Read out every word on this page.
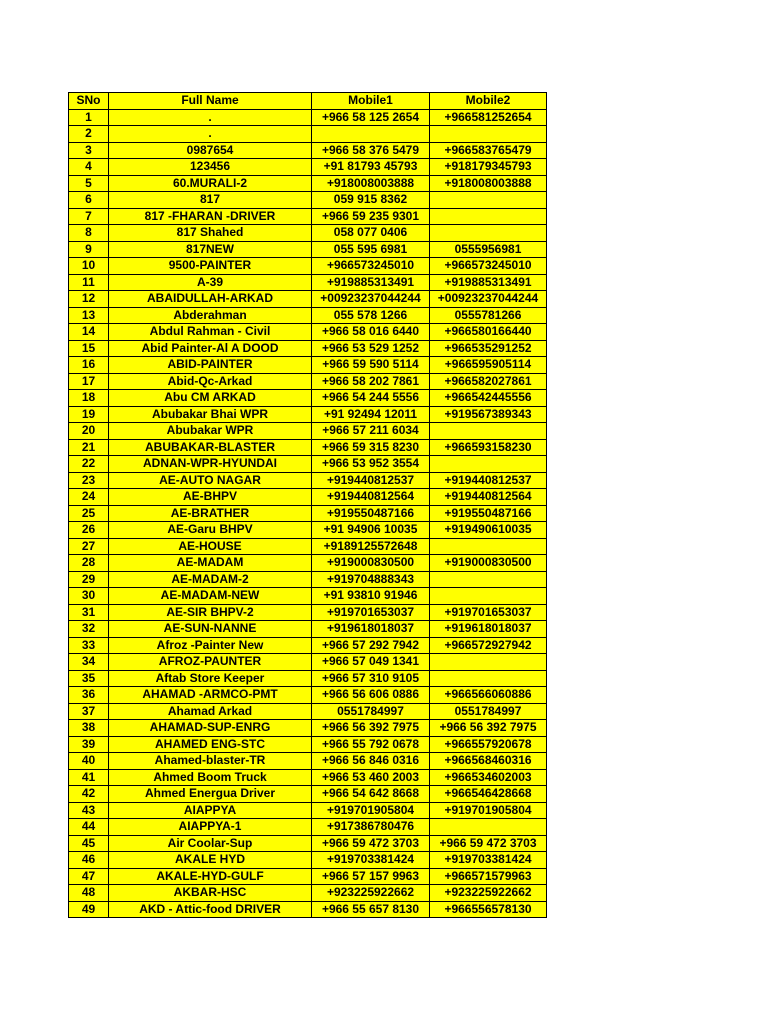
SNo	Full Name	Mobile1	Mobile2
1	.	+966 58 125 2654	+966581252654
2	.		
3	0987654	+966 58 376 5479	+966583765479
4	123456	+91 81793 45793	+918179345793
5	60.MURALI-2	+918008003888	+918008003888
6	817	059 915 8362	
7	817 -FHARAN -DRIVER	+966 59 235 9301	
8	817 Shahed	058 077 0406	
9	817NEW	055 595 6981	0555956981
10	9500-PAINTER	+966573245010	+966573245010
11	A-39	+919885313491	+919885313491
12	ABAIDULLAH-ARKAD	+00923237044244	+00923237044244
13	Abderahman	055 578 1266	0555781266
14	Abdul Rahman - Civil	+966 58 016 6440	+966580166440
15	Abid Painter-Al A DOOD	+966 53 529 1252	+966535291252
16	ABID-PAINTER	+966 59 590 5114	+966595905114
17	Abid-Qc-Arkad	+966 58 202 7861	+966582027861
18	Abu CM ARKAD	+966 54 244 5556	+966542445556
19	Abubakar Bhai WPR	+91 92494 12011	+919567389343
20	Abubakar WPR	+966 57 211 6034	
21	ABUBAKAR-BLASTER	+966 59 315 8230	+966593158230
22	ADNAN-WPR-HYUNDAI	+966 53 952 3554	
23	AE-AUTO NAGAR	+919440812537	+919440812537
24	AE-BHPV	+919440812564	+919440812564
25	AE-BRATHER	+919550487166	+919550487166
26	AE-Garu BHPV	+91 94906 10035	+919490610035
27	AE-HOUSE	+918912557264​8	
28	AE-MADAM	+919000830500	+919000830500
29	AE-MADAM-2	+919704888343	
30	AE-MADAM-NEW	+91 93810 91946	
31	AE-SIR BHPV-2	+919701653037	+919701653037
32	AE-SUN-NANNE	+919618018037	+919618018037
33	Afroz -Painter New	+966 57 292 7942	+966572927942
34	AFROZ-PAUNTER	+966 57 049 1341	
35	Aftab Store Keeper	+966 57 310 9105	
36	AHAMAD -ARMCO-PMT	+966 56 606 0886	+966566060886
37	Ahamad Arkad	0551784997	0551784997
38	AHAMAD-SUP-ENRG	+966 56 392 7975	+966 56 392 7975
39	AHAMED ENG-STC	+966 55 792 0678	+966557920678
40	Ahamed-blaster-TR	+966 56 846 0316	+966568460316
41	Ahmed Boom Truck	+966 53 460 2003	+966534602003
42	Ahmed Energua Driver	+966 54 642 8668	+966546428668
43	AIAPPYA	+919701905804	+919701905804
44	AIAPPYA-1	+917386780476	
45	Air Coolar-Sup	+966 59 472 3703	+966 59 472 3703
46	AKALE HYD	+919703381424	+919703381424
47	AKALE-HYD-GULF	+966 57 157 9963	+966571579963
48	AKBAR-HSC	+923225922662	+923225922662
49	AKD - Attic-food DRIVER	+966 55 657 8130	+966556578130
